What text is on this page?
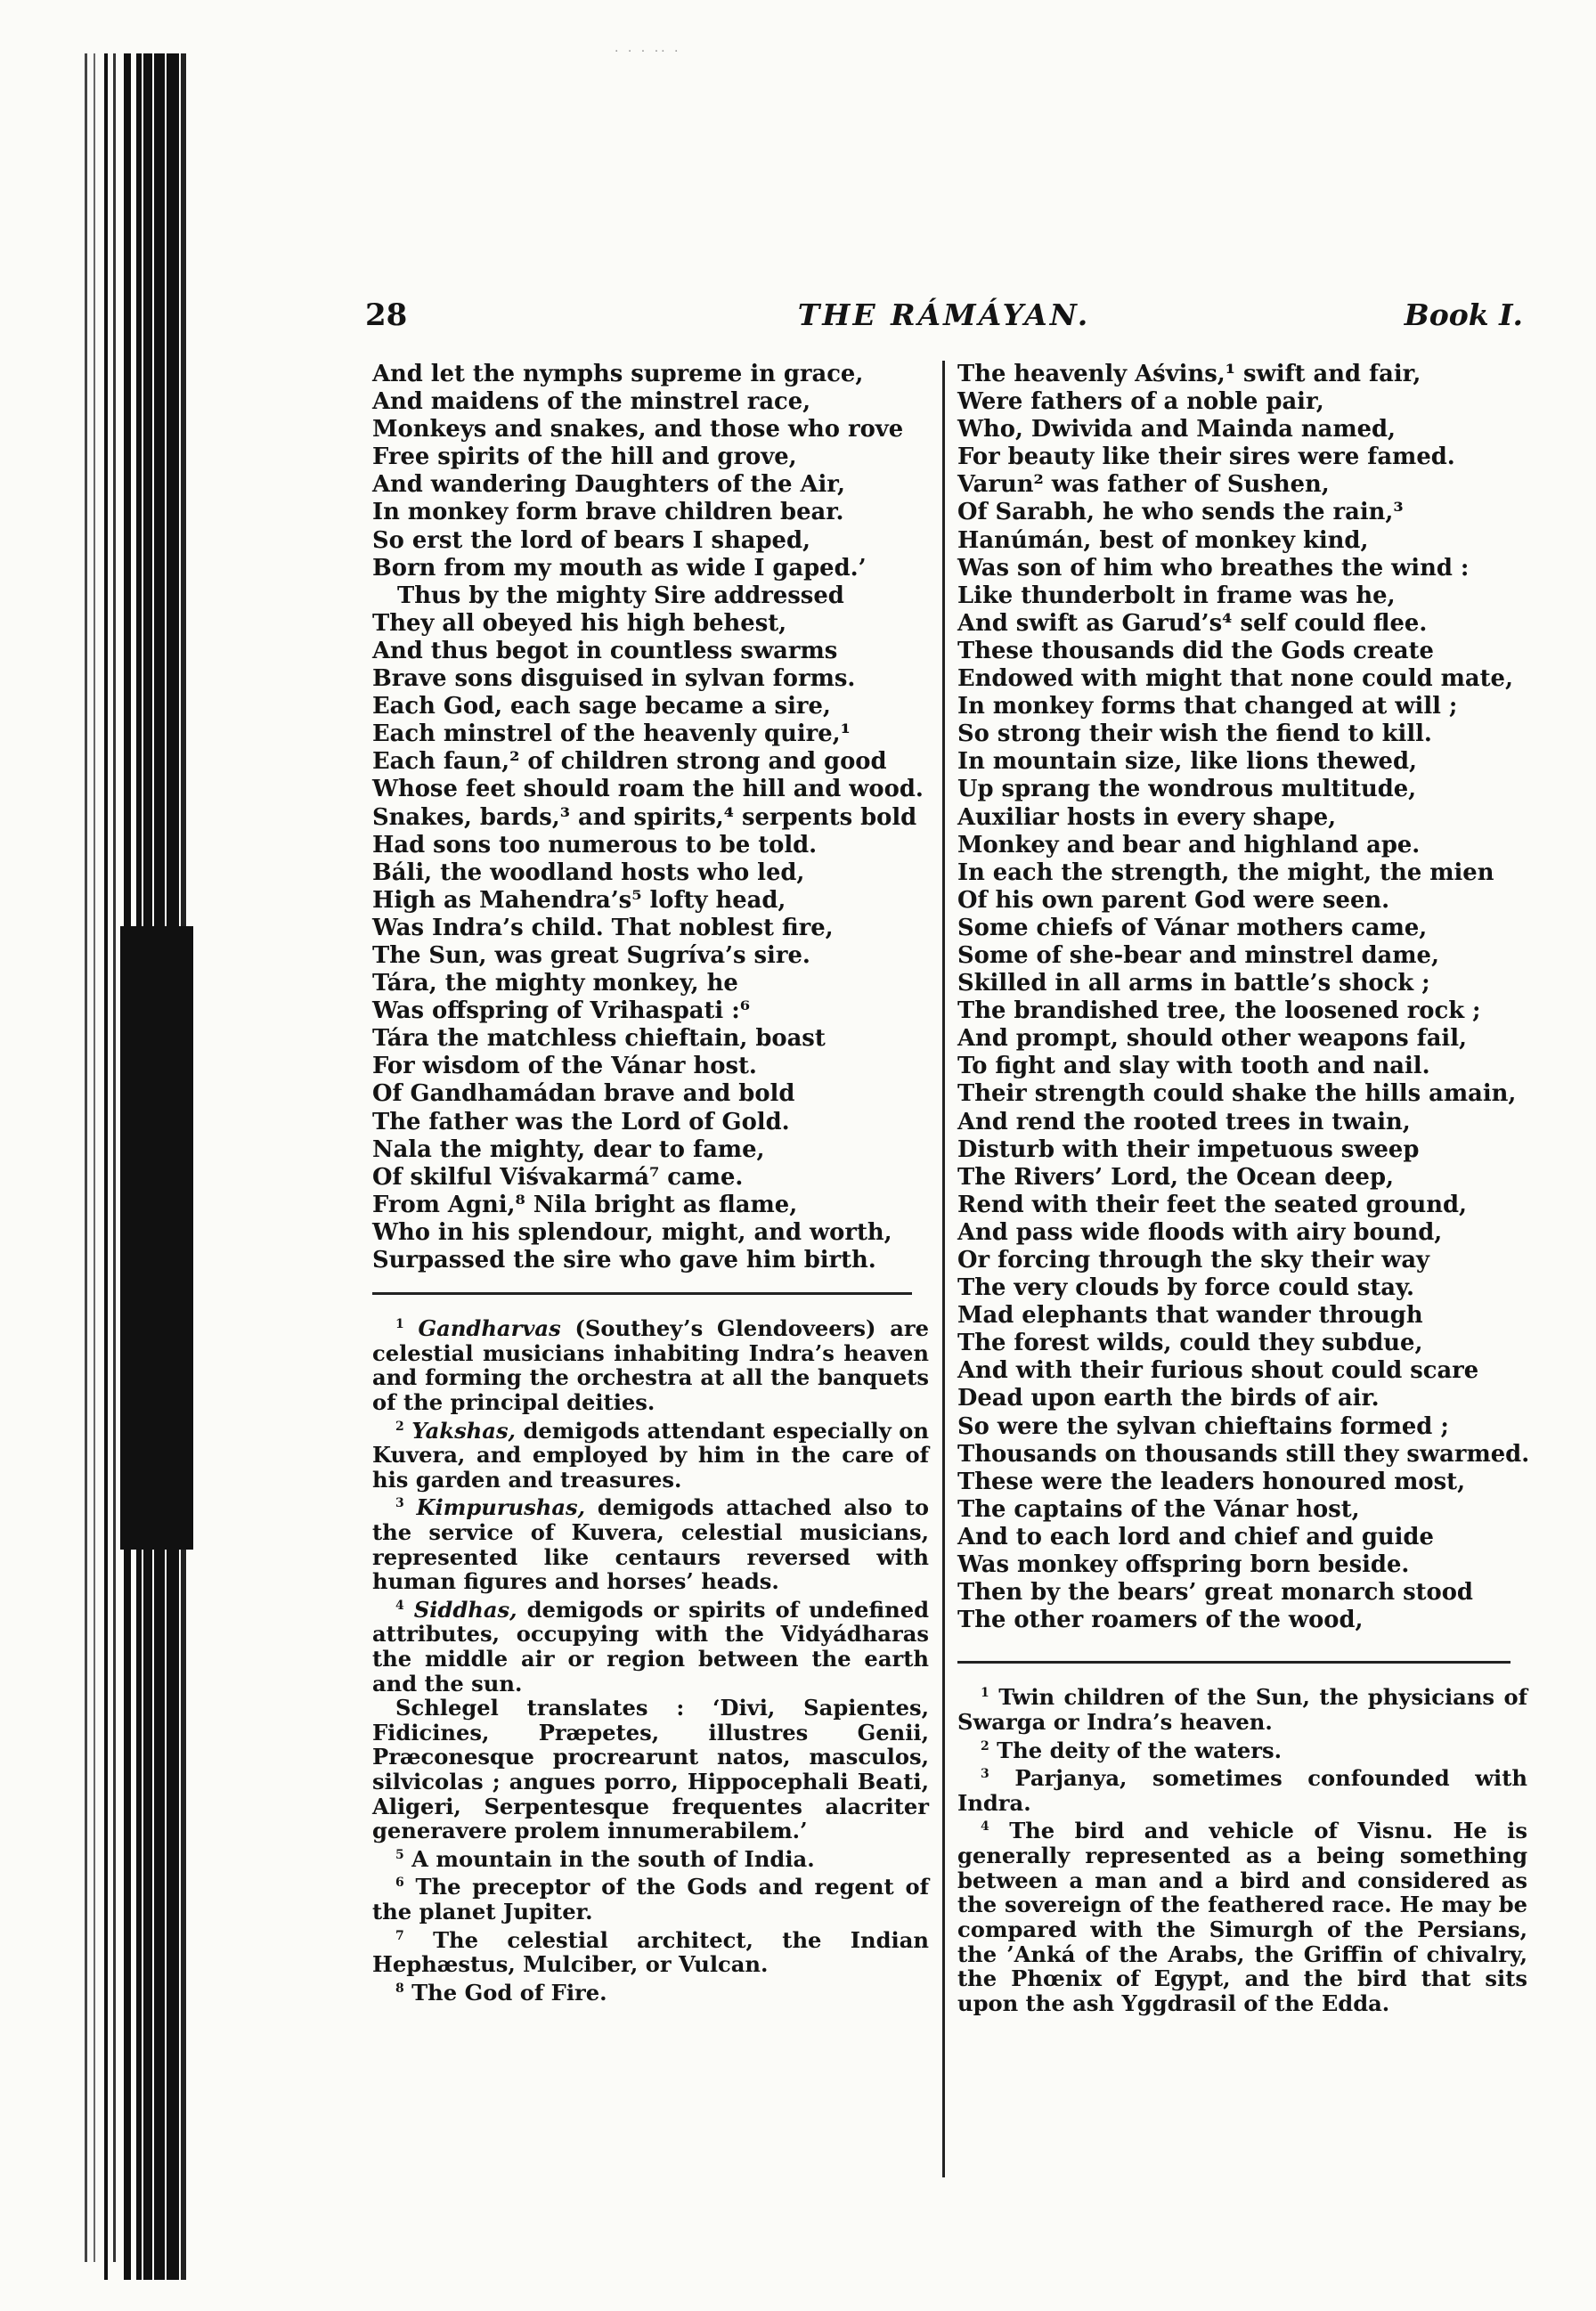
· · · ·· ·
28	THE RÁMÁYAN.	Book I.
And let the nymphs supreme in grace,
And maidens of the minstrel race,
Monkeys and snakes, and those who rove
Free spirits of the hill and grove,
And wandering Daughters of the Air,
In monkey form brave children bear.
So erst the lord of bears I shaped,
Born from my mouth as wide I gaped.’
Thus by the mighty Sire addressed
They all obeyed his high behest,
And thus begot in countless swarms
Brave sons disguised in sylvan forms.
Each God, each sage became a sire,
Each minstrel of the heavenly quire,¹
Each faun,² of children strong and good
Whose feet should roam the hill and wood.
Snakes, bards,³ and spirits,⁴ serpents bold
Had sons too numerous to be told.
Báli, the woodland hosts who led,
High as Mahendra’s⁵ lofty head,
Was Indra’s child. That noblest fire,
The Sun, was great Sugríva’s sire.
Tára, the mighty monkey, he
Was offspring of Vrihaspati :⁶
Tára the matchless chieftain, boast
For wisdom of the Vánar host.
Of Gandhamádan brave and bold
The father was the Lord of Gold.
Nala the mighty, dear to fame,
Of skilful Viśvakarmá⁷ came.
From Agni,⁸ Nila bright as flame,
Who in his splendour, might, and worth,
Surpassed the sire who gave him birth.

$^1$ Gandharvas (Southey’s Glendoveers) are celestial musicians inhabiting Indra’s heaven and forming the orchestra at all the banquets of the principal deities.

$^2$ Yakshas, demigods attendant especially on Kuvera, and employed by him in the care of his garden and treasures.

$^3$ Kimpurushas, demigods attached also to the service of Kuvera, celestial musicians, represented like centaurs reversed with human figures and horses’ heads.

$^4$ Siddhas, demigods or spirits of undefined attributes, occupying with the Vidyádharas the middle air or region between the earth and the sun.

Schlegel translates : ‘Divi, Sapientes, Fidicines, Præpetes, illustres Genii, Præconesque procrearunt natos, masculos, silvicolas ; angues porro, Hippocephali Beati, Aligeri, Serpentesque frequentes alacriter generavere prolem innumerabilem.’

$^5$ A mountain in the south of India.

$^6$ The preceptor of the Gods and regent of the planet Jupiter.

$^7$ The celestial architect, the Indian Hephæstus, Mulciber, or Vulcan.

$^8$ The God of Fire.

The heavenly Aśvins,¹ swift and fair,
Were fathers of a noble pair,
Who, Dwivida and Mainda named,
For beauty like their sires were famed.
Varun² was father of Sushen,
Of Sarabh, he who sends the rain,³
Hanúmán, best of monkey kind,
Was son of him who breathes the wind :
Like thunderbolt in frame was he,
And swift as Garud’s⁴ self could flee.
These thousands did the Gods create
Endowed with might that none could mate,
In monkey forms that changed at will ;
So strong their wish the fiend to kill.
In mountain size, like lions thewed,
Up sprang the wondrous multitude,
Auxiliar hosts in every shape,
Monkey and bear and highland ape.
In each the strength, the might, the mien
Of his own parent God were seen.
Some chiefs of Vánar mothers came,
Some of she-bear and minstrel dame,
Skilled in all arms in battle’s shock ;
The brandished tree, the loosened rock ;
And prompt, should other weapons fail,
To fight and slay with tooth and nail.
Their strength could shake the hills amain,
And rend the rooted trees in twain,
Disturb with their impetuous sweep
The Rivers’ Lord, the Ocean deep,
Rend with their feet the seated ground,
And pass wide floods with airy bound,
Or forcing through the sky their way
The very clouds by force could stay.
Mad elephants that wander through
The forest wilds, could they subdue,
And with their furious shout could scare
Dead upon earth the birds of air.
So were the sylvan chieftains formed ;
Thousands on thousands still they swarmed.
These were the leaders honoured most,
The captains of the Vánar host,
And to each lord and chief and guide
Was monkey offspring born beside.
Then by the bears’ great monarch stood
The other roamers of the wood,

$^1$ Twin children of the Sun, the physicians of Swarga or Indra’s heaven.

$^2$ The deity of the waters.

$^3$ Parjanya, sometimes confounded with Indra.

$^4$ The bird and vehicle of Visnu. He is generally represented as a being something between a man and a bird and considered as the sovereign of the feathered race. He may be compared with the Simurgh of the Persians, the ’Anká of the Arabs, the Griffin of chivalry, the Phœnix of Egypt, and the bird that sits upon the ash Yggdrasil of the Edda.
